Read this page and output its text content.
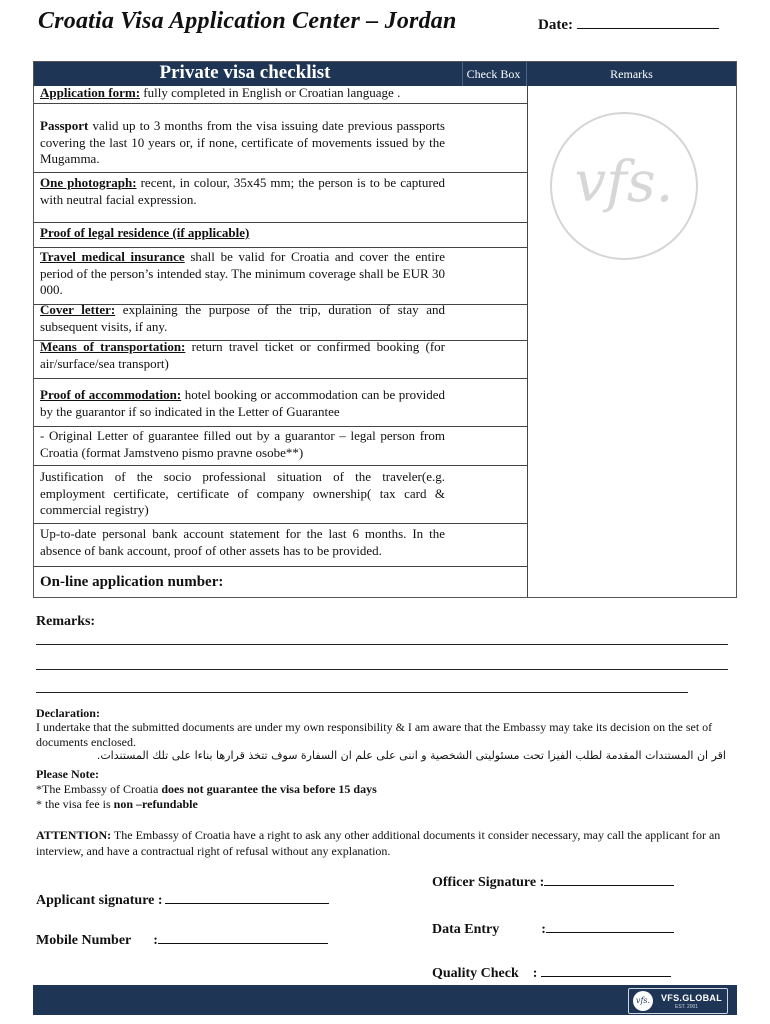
Croatia Visa Application Center – Jordan	Date:
Private visa checklist	Check Box	Remarks
Application form: fully completed in English or Croatian language .
Passport valid up to 3 months from the visa issuing date previous passports covering the last 10 years or, if none, certificate of movements issued by the Mugamma.
One photograph: recent, in colour, 35x45 mm; the person is to be captured with neutral facial expression.
Proof of legal residence (if applicable)
Travel medical insurance shall be valid for Croatia and cover the entire period of the person’s intended stay. The minimum coverage shall be EUR 30 000.
Cover letter: explaining the purpose of the trip, duration of stay and subsequent visits, if any.
Means of transportation: return travel ticket or confirmed booking (for air/surface/sea transport)
Proof of accommodation: hotel booking or accommodation can be provided by the guarantor if so indicated in the Letter of Guarantee
- Original Letter of guarantee filled out by a guarantor – legal person from Croatia (format Jamstveno pismo pravne osobe**)
Justification of the socio professional situation of the traveler(e.g. employment certificate, certificate of company ownership( tax card & commercial registry)
Up-to-date personal bank account statement for the last 6 months. In the absence of bank account, proof of other assets has to be provided.
On-line application number:
vfs.
Remarks:
Declaration:
I undertake that the submitted documents are under my own responsibility & I am aware that the Embassy may take its decision on the set of documents enclosed.
اقر ان المستندات المقدمة لطلب الفيزا تحت مسئوليتى الشخصية و اننى على علم ان السفارة سوف تتخذ قرارها بناءا على تلك المستندات.
Please Note:
*The Embassy of Croatia does not guarantee the visa before 15 days
* the visa fee is non –refundable
ATTENTION: The Embassy of Croatia have a right to ask any other additional documents it consider necessary, may call the applicant for an interview, and have a contractual right of refusal without any explanation.
Officer Signature :
Applicant signature :
Data Entry	:
Mobile Number :
Quality Check :
vfs.	VFS.GLOBAL
EST. 2001
